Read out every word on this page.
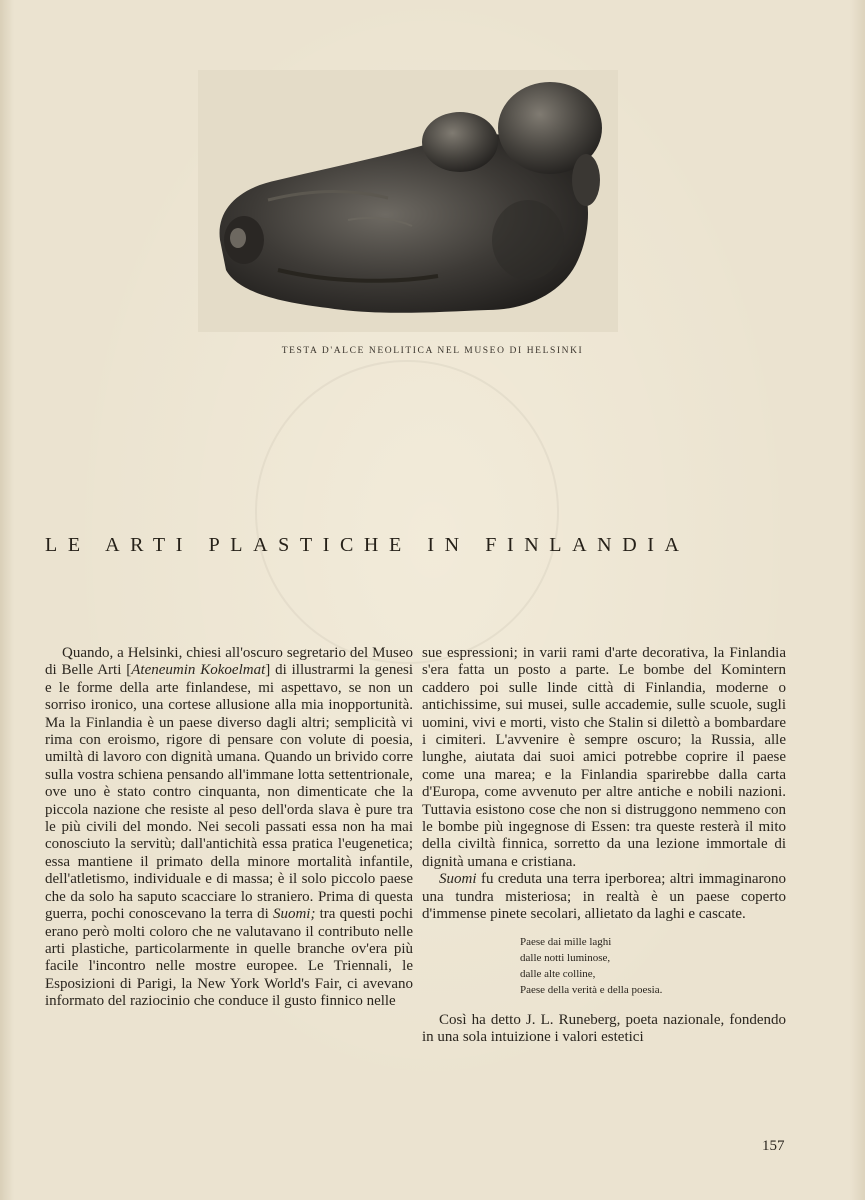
TESTA D'ALCE NEOLITICA NEL MUSEO DI HELSINKI
LE ARTI PLASTICHE IN FINLANDIA

Quando, a Helsinki, chiesi all'oscuro segretario del Museo di Belle Arti [Ateneumin Kokoelmat] di illustrarmi la genesi e le forme della arte finlandese, mi aspettavo, se non un sorriso ironico, una cortese allusione alla mia inopportunità. Ma la Finlandia è un paese diverso dagli altri; semplicità vi rima con eroismo, rigore di pensare con volute di poesia, umiltà di lavoro con dignità umana. Quando un brivido corre sulla vostra schiena pensando all'immane lotta settentrionale, ove uno è stato contro cinquanta, non dimenticate che la piccola nazione che resiste al peso dell'orda slava è pure tra le più civili del mondo. Nei secoli passati essa non ha mai conosciuto la servitù; dall'antichità essa pratica l'eugenetica; essa mantiene il primato della minore mortalità infantile, dell'atletismo, individuale e di massa; è il solo piccolo paese che da solo ha saputo scacciare lo straniero. Prima di questa guerra, pochi conoscevano la terra di Suomi; tra questi pochi erano però molti coloro che ne valutavano il contributo nelle arti plastiche, particolarmente in quelle branche ov'era più facile l'incontro nelle mostre europee. Le Triennali, le Esposizioni di Parigi, la New York World's Fair, ci avevano informato del raziocinio che conduce il gusto finnico nelle

sue espressioni; in varii rami d'arte decorativa, la Finlandia s'era fatta un posto a parte. Le bombe del Komintern caddero poi sulle linde città di Finlandia, moderne o antichissime, sui musei, sulle accademie, sulle scuole, sugli uomini, vivi e morti, visto che Stalin si dilettò a bombardare i cimiteri. L'avvenire è sempre oscuro; la Russia, alle lunghe, aiutata dai suoi amici potrebbe coprire il paese come una marea; e la Finlandia sparirebbe dalla carta d'Europa, come avvenuto per altre antiche e nobili nazioni. Tuttavia esistono cose che non si distruggono nemmeno con le bombe più ingegnose di Essen: tra queste resterà il mito della civiltà finnica, sorretto da una lezione immortale di dignità umana e cristiana.

Suomi fu creduta una terra iperborea; altri immaginarono una tundra misteriosa; in realtà è un paese coperto d'immense pinete secolari, allietato da laghi e cascate.

Paese dai mille laghi
dalle notti luminose,
dalle alte colline,
Paese della verità e della poesia.

Così ha detto J. L. Runeberg, poeta nazionale, fondendo in una sola intuizione i valori estetici

157
